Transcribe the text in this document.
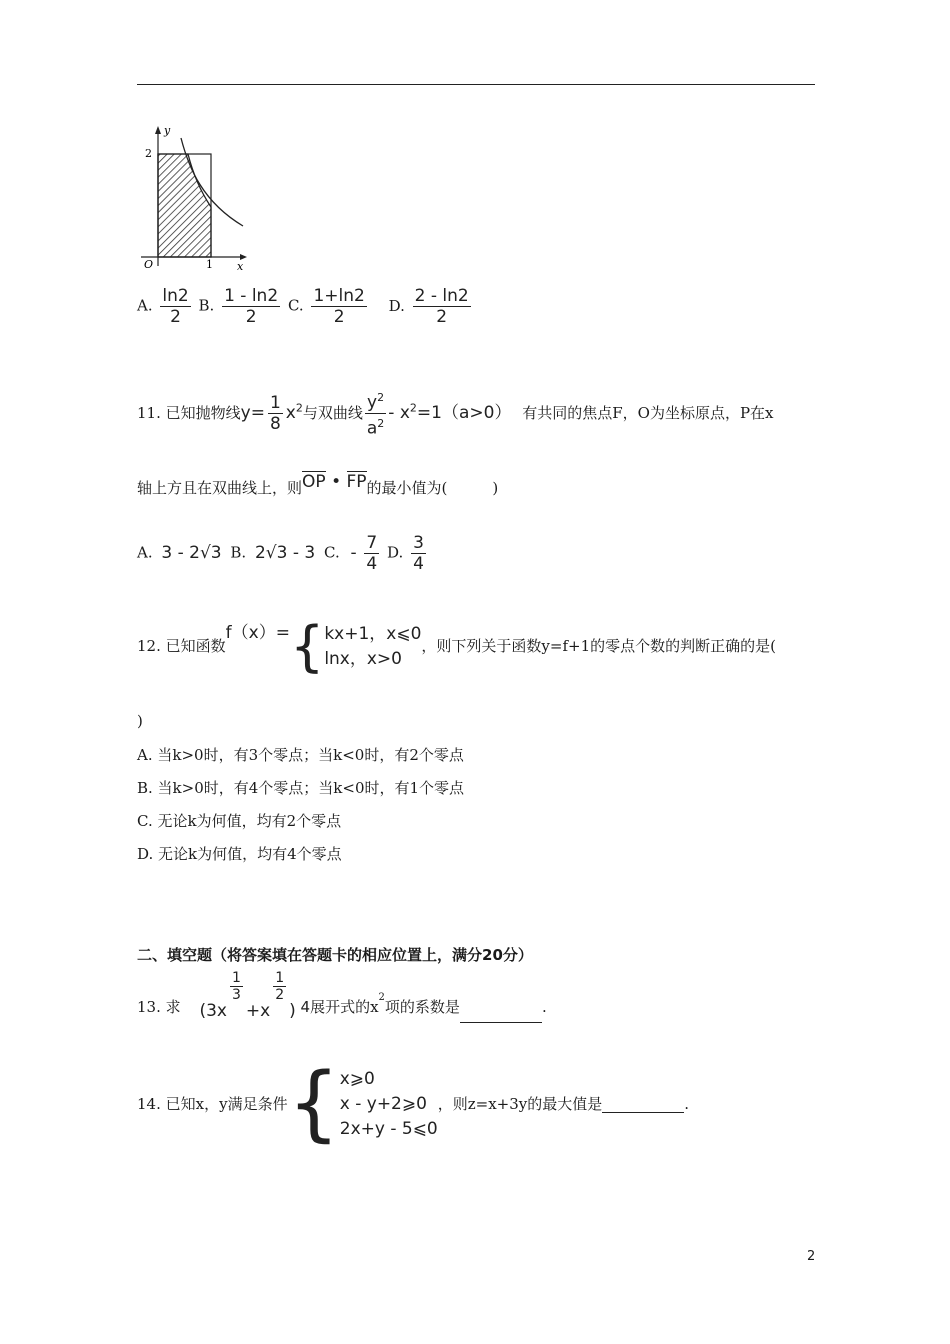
y
x
O	1
2
A. $\frac{\ln 2}{2} B$. $\frac{1 - \ln 2}{2} C$. $\frac{1+\ln 2}{2} D$. $\frac{2 - \ln 2}{2}$
11. 已知抛物线$y= \frac{1}{8} x^2$与双曲线 $\frac{y^2}{a^2} - x^2=1(a>0)$ 有共同的焦点F，O为坐标原点，P在x
轴上方且在双曲线上，则OP • FP的最小值为(　　　)
A. 3 - 2√3 B. 2√3 - 3 C. - $\frac{7}{4} D$. $\frac{3}{4}$
12. 已知函数f（x）={ kx+1，x⩽0
lnx，x>0
，则下列关于函数y=f+1的零点个数的判断正确的是(
)
A. 当k>0时，有3个零点；当k<0时，有2个零点
B. 当k>0时，有4个零点；当k<0时，有1个零点
C. 无论k为何值，均有2个零点
D. 无论k为何值，均有4个零点
二、填空题（将答案填在答题卡的相应位置上，满分20分）
13. 求 (3x
$\frac{1}{3}$
+x
$\frac{1}{2}$
) 4展开式的$x^2$项的系数是	.
14. 已知x，y满足条件{ x⩾0
x - y+2⩾0
2x+y - 5⩽0
，则z=x+3y的最大值是	.
2
